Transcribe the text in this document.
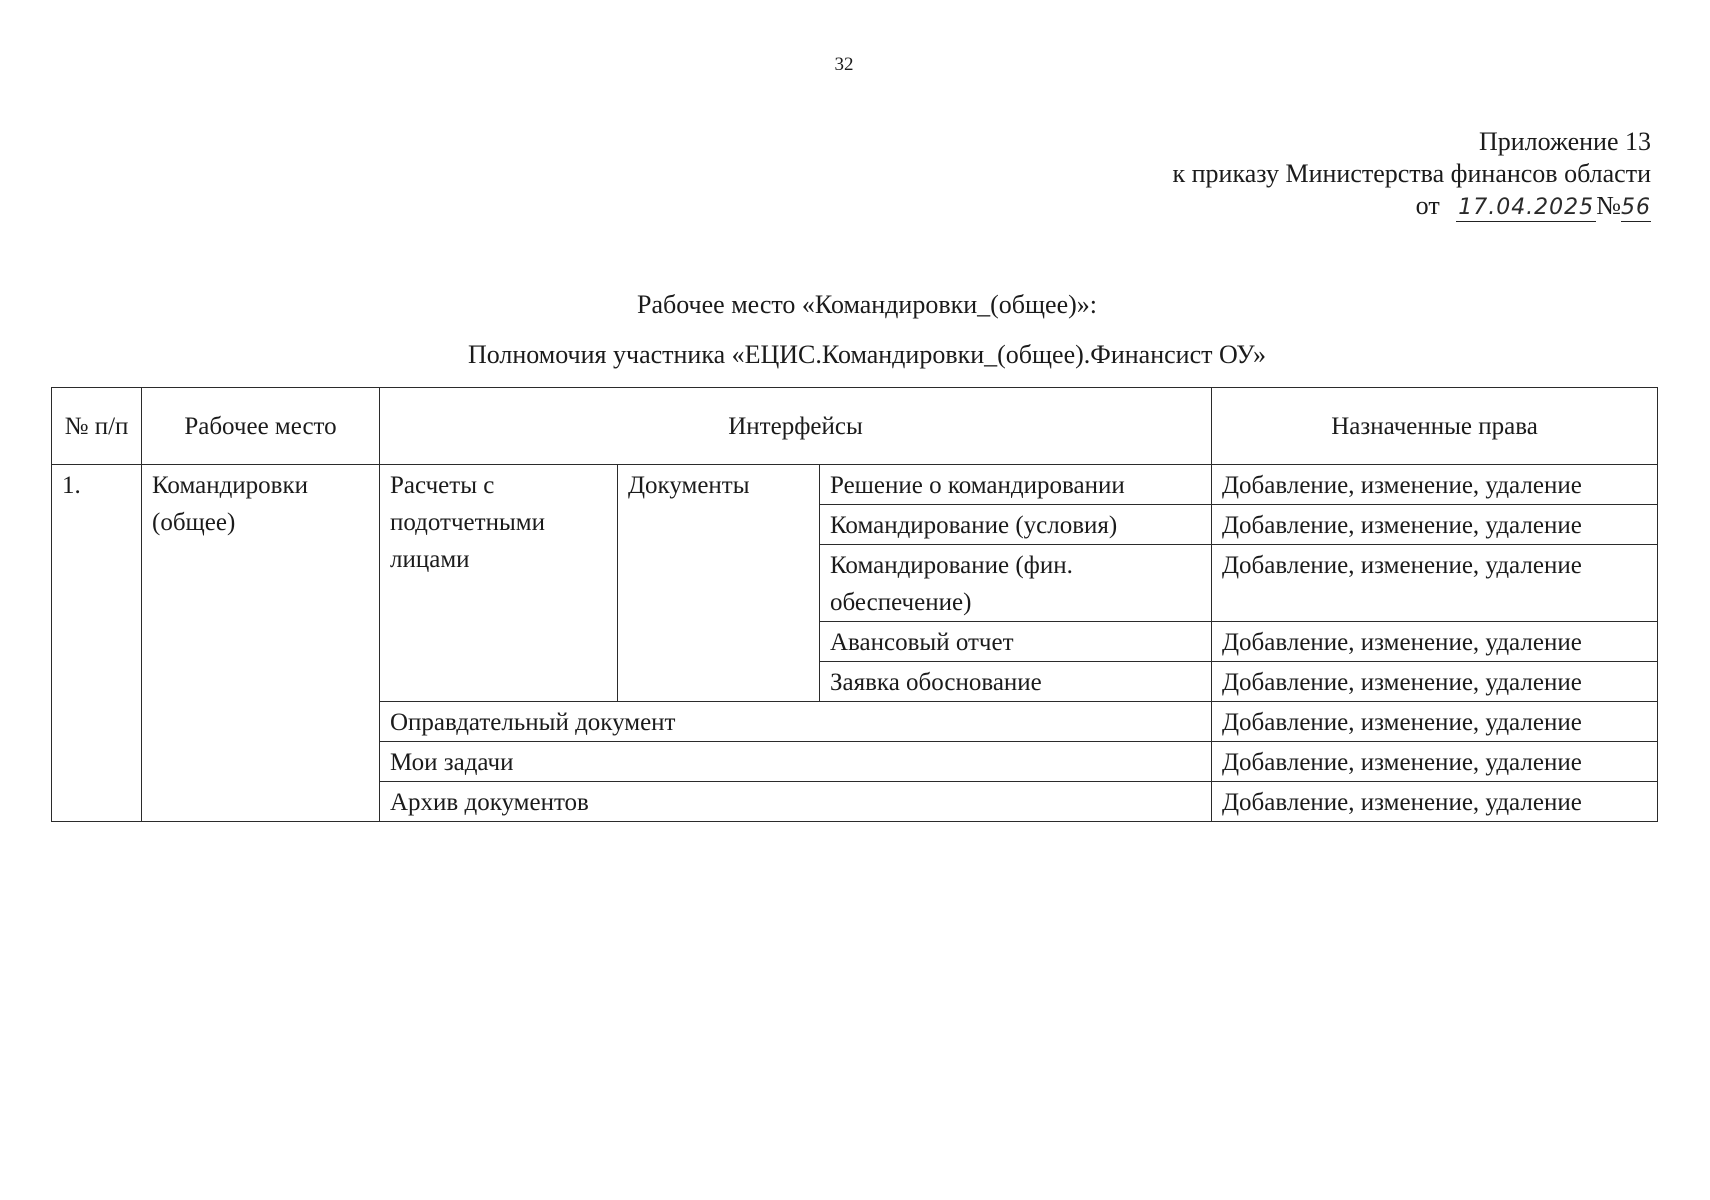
32
Приложение 13
к приказу Министерства финансов области
от 17.04.2025№56
Рабочее место «Командировки_(общее)»:
Полномочия участника «ЕЦИС.Командировки_(общее).Финансист ОУ»
№ п/п	Рабочее место	Интерфейсы			Назначенные права
1.	Командировки (общее)	Расчеты с подотчетными лицами	Документы	Решение о командировании	Добавление, изменение, удаление
				Командирование (условия)	Добавление, изменение, удаление
				Командирование (фин. обеспечение)	Добавление, изменение, удаление
				Авансовый отчет	Добавление, изменение, удаление
				Заявка обоснование	Добавление, изменение, удаление
		Оправдательный документ			Добавление, изменение, удаление
		Мои задачи			Добавление, изменение, удаление
		Архив документов			Добавление, изменение, удаление
